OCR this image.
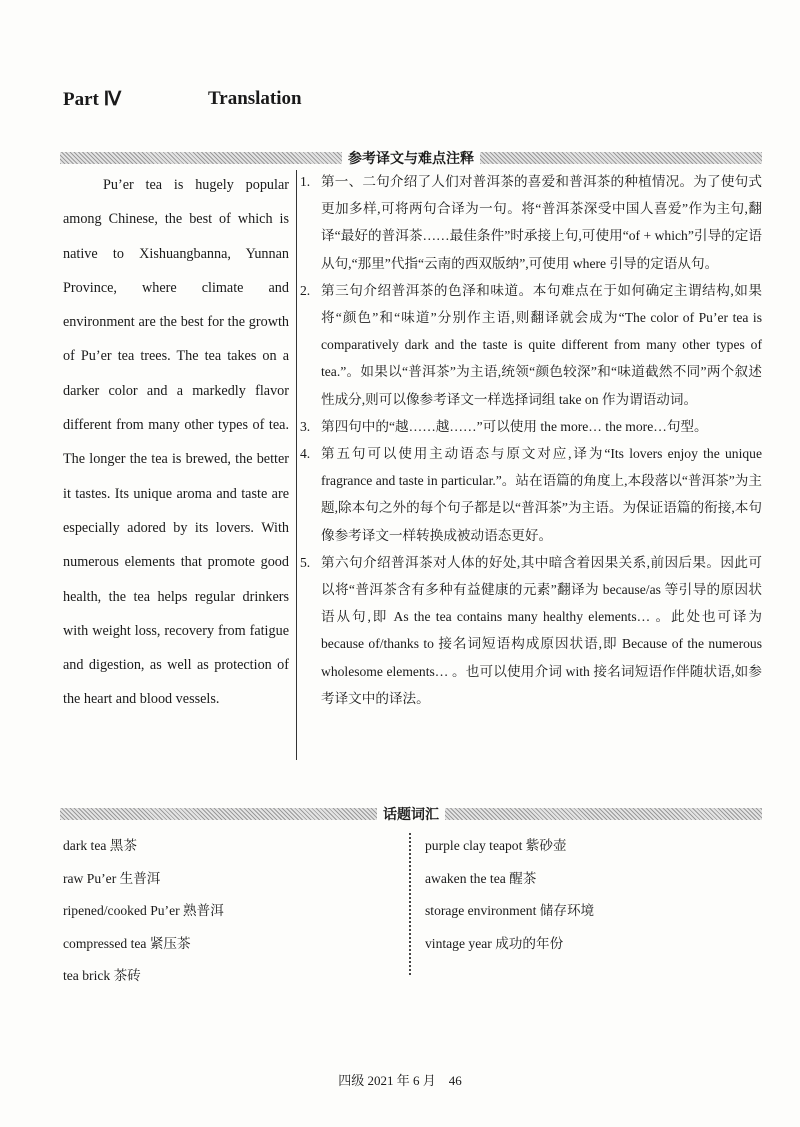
Part Ⅳ	Translation
参考译文与难点注释

Pu’er tea is hugely popular among Chinese, the best of which is native to Xishuangbanna, Yunnan Province, where climate and environment are the best for the growth of Pu’er tea trees. The tea takes on a darker color and a markedly flavor different from many other types of tea. The longer the tea is brewed, the better it tastes. Its unique aroma and taste are especially adored by its lovers. With numerous elements that promote good health, the tea helps regular drinkers with weight loss, recovery from fatigue and digestion, as well as protection of the heart and blood vessels.

1. 第一、二句介绍了人们对普洱茶的喜爱和普洱茶的种植情况。为了使句式更加多样,可将两句合译为一句。将“普洱茶深受中国人喜爱”作为主句,翻译“最好的普洱茶……最佳条件”时承接上句,可使用“of + which”引导的定语从句,“那里”代指“云南的西双版纳”,可使用 where 引导的定语从句。
2. 第三句介绍普洱茶的色泽和味道。本句难点在于如何确定主谓结构,如果将“颜色”和“味道”分别作主语,则翻译就会成为“The color of Pu’er tea is comparatively dark and the taste is quite different from many other types of tea.”。如果以“普洱茶”为主语,统领“颜色较深”和“味道截然不同”两个叙述性成分,则可以像参考译文一样选择词组 take on 作为谓语动词。
3. 第四句中的“越……越……”可以使用 the more… the more…句型。
4. 第五句可以使用主动语态与原文对应,译为“Its lovers enjoy the unique fragrance and taste in particular.”。站在语篇的角度上,本段落以“普洱茶”为主题,除本句之外的每个句子都是以“普洱茶”为主语。为保证语篇的衔接,本句像参考译文一样转换成被动语态更好。
5. 第六句介绍普洱茶对人体的好处,其中暗含着因果关系,前因后果。因此可以将“普洱茶含有多种有益健康的元素”翻译为 because/as 等引导的原因状语从句,即 As the tea contains many healthy elements… 。此处也可译为 because of/thanks to 接名词短语构成原因状语,即 Because of the numerous wholesome elements… 。也可以使用介词 with 接名词短语作伴随状语,如参考译文中的译法。
话题词汇
dark tea 黑茶
raw Pu’er 生普洱
ripened/cooked Pu’er 熟普洱
compressed tea 紧压茶
tea brick 茶砖
purple clay teapot 紫砂壶
awaken the tea 醒茶
storage environment 储存环境
vintage year 成功的年份
四级 2021 年 6 月　46
